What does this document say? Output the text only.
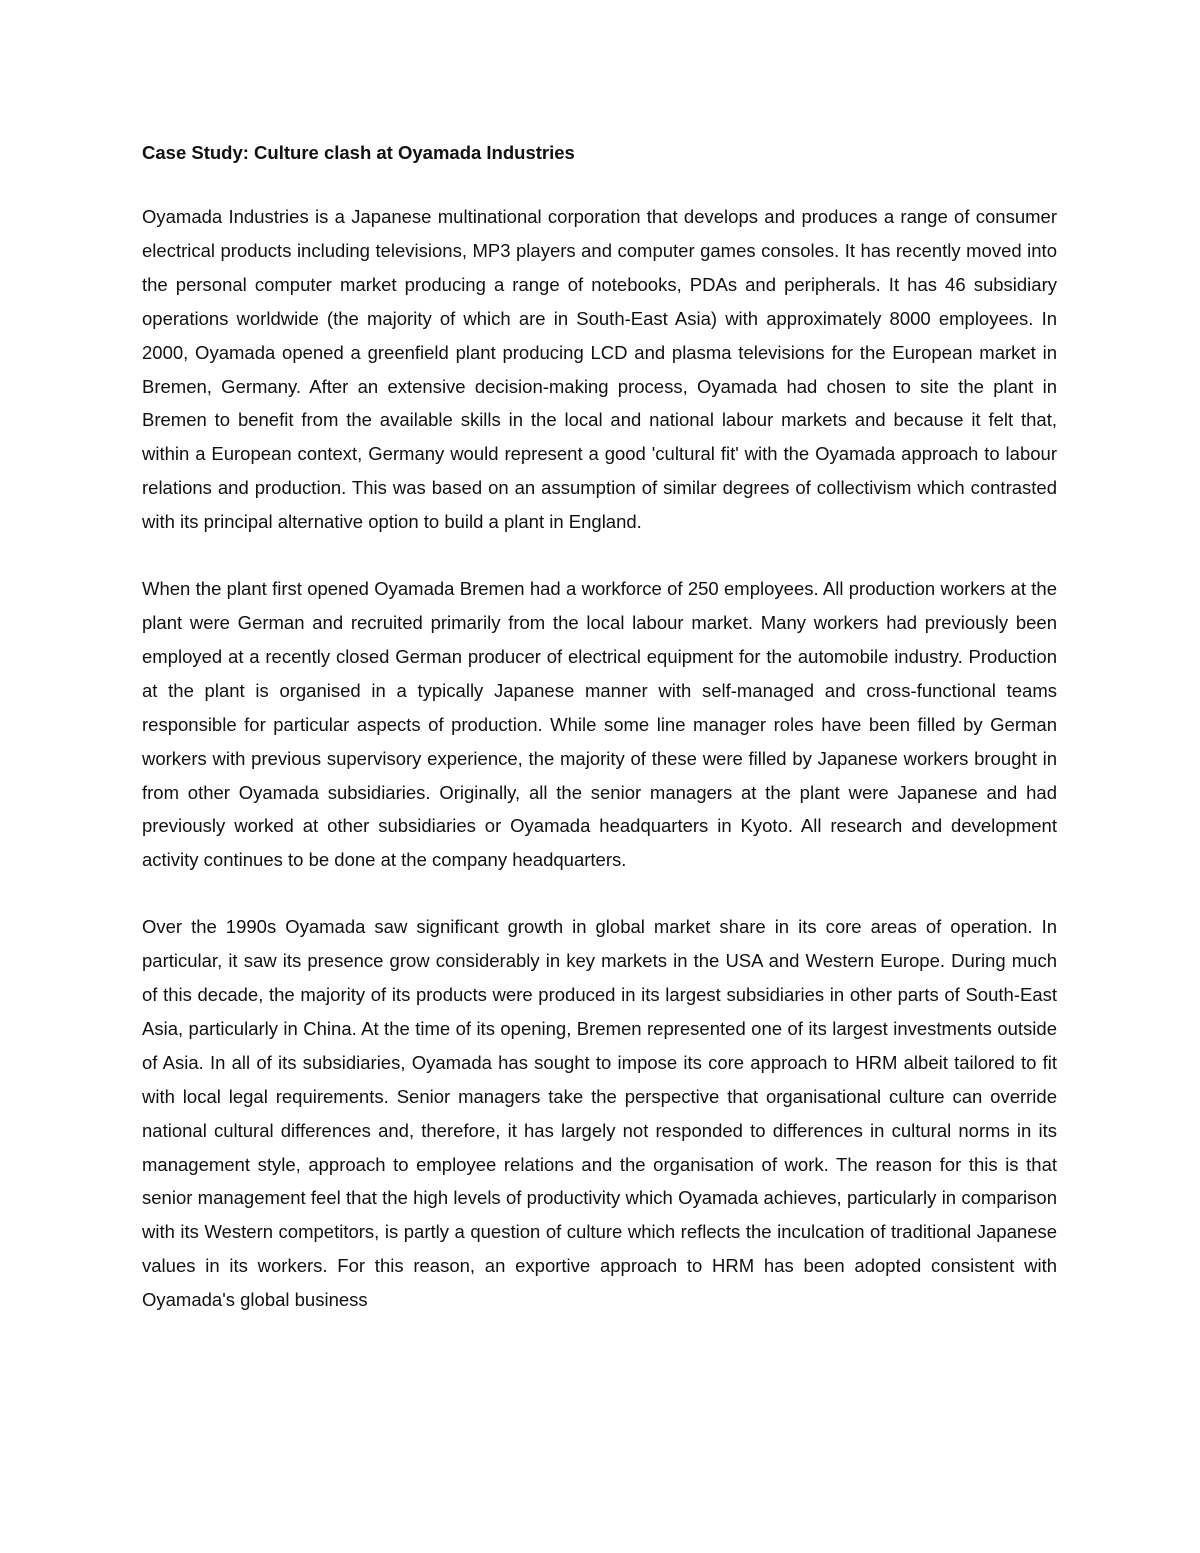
Case Study: Culture clash at Oyamada Industries

Oyamada Industries is a Japanese multinational corporation that develops and produces a range of consumer electrical products including televisions, MP3 players and computer games consoles. It has recently moved into the personal computer market producing a range of notebooks, PDAs and peripherals. It has 46 subsidiary operations worldwide (the majority of which are in South-East Asia) with approximately 8000 employees. In 2000, Oyamada opened a greenfield plant producing LCD and plasma televisions for the European market in Bremen, Germany. After an extensive decision-making process, Oyamada had chosen to site the plant in Bremen to benefit from the available skills in the local and national labour markets and because it felt that, within a European context, Germany would represent a good 'cultural fit' with the Oyamada approach to labour relations and production. This was based on an assumption of similar degrees of collectivism which contrasted with its principal alternative option to build a plant in England.

When the plant first opened Oyamada Bremen had a workforce of 250 employees. All production workers at the plant were German and recruited primarily from the local labour market. Many workers had previously been employed at a recently closed German producer of electrical equipment for the automobile industry. Production at the plant is organised in a typically Japanese manner with self-managed and cross-functional teams responsible for particular aspects of production. While some line manager roles have been filled by German workers with previous supervisory experience, the majority of these were filled by Japanese workers brought in from other Oyamada subsidiaries. Originally, all the senior managers at the plant were Japanese and had previously worked at other subsidiaries or Oyamada headquarters in Kyoto. All research and development activity continues to be done at the company headquarters.

Over the 1990s Oyamada saw significant growth in global market share in its core areas of operation. In particular, it saw its presence grow considerably in key markets in the USA and Western Europe. During much of this decade, the majority of its products were produced in its largest subsidiaries in other parts of South-East Asia, particularly in China. At the time of its opening, Bremen represented one of its largest investments outside of Asia. In all of its subsidiaries, Oyamada has sought to impose its core approach to HRM albeit tailored to fit with local legal requirements. Senior managers take the perspective that organisational culture can override national cultural differences and, therefore, it has largely not responded to differences in cultural norms in its management style, approach to employee relations and the organisation of work. The reason for this is that senior management feel that the high levels of productivity which Oyamada achieves, particularly in comparison with its Western competitors, is partly a question of culture which reflects the inculcation of traditional Japanese values in its workers. For this reason, an exportive approach to HRM has been adopted consistent with Oyamada's global business
